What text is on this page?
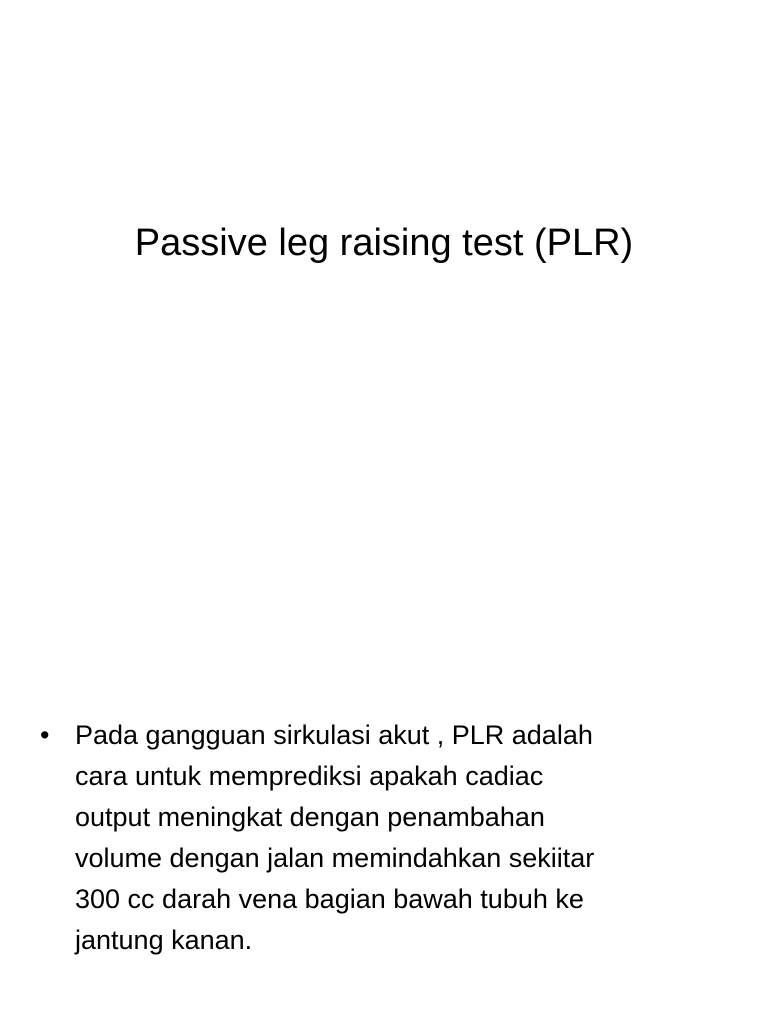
Passive leg raising test (PLR)
• Pada gangguan sirkulasi akut , PLR adalah
cara untuk memprediksi apakah cadiac
output meningkat dengan penambahan
volume dengan jalan memindahkan sekiitar
300 cc darah vena bagian bawah tubuh ke
jantung kanan.
